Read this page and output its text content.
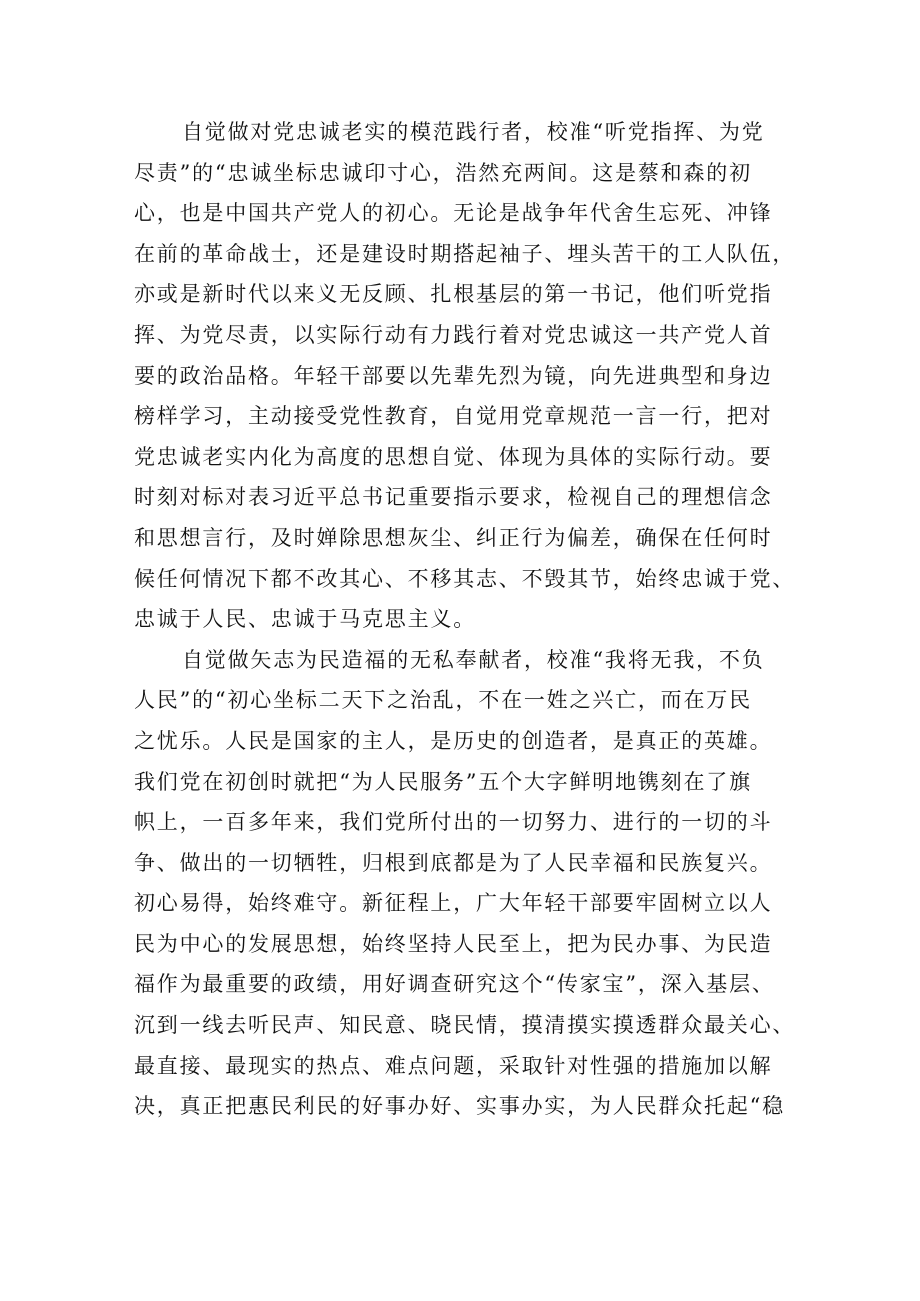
自觉做对党忠诚老实的模范践行者，校准“听党指挥、为党
尽责”的“忠诚坐标忠诚印寸心，浩然充两间。这是蔡和森的初
心，也是中国共产党人的初心。无论是战争年代舍生忘死、冲锋
在前的革命战士，还是建设时期搭起袖子、埋头苦干的工人队伍，
亦或是新时代以来义无反顾、扎根基层的第一书记，他们听党指
挥、为党尽责，以实际行动有力践行着对党忠诚这一共产党人首
要的政治品格。年轻干部要以先辈先烈为镜，向先进典型和身边
榜样学习，主动接受党性教育，自觉用党章规范一言一行，把对
党忠诚老实内化为高度的思想自觉、体现为具体的实际行动。要
时刻对标对表习近平总书记重要指示要求，检视自己的理想信念
和思想言行，及时婵除思想灰尘、纠正行为偏差，确保在任何时
候任何情况下都不改其心、不移其志、不毁其节，始终忠诚于党、
忠诚于人民、忠诚于马克思主义。
自觉做矢志为民造福的无私奉献者，校准“我将无我，不负
人民”的“初心坐标二天下之治乱，不在一姓之兴亡，而在万民
之忧乐。人民是国家的主人，是历史的创造者，是真正的英雄。
我们党在初创时就把“为人民服务”五个大字鲜明地镌刻在了旗
帜上，一百多年来，我们党所付出的一切努力、进行的一切的斗
争、做出的一切牺牲，归根到底都是为了人民幸福和民族复兴。
初心易得，始终难守。新征程上，广大年轻干部要牢固树立以人
民为中心的发展思想，始终坚持人民至上，把为民办事、为民造
福作为最重要的政绩，用好调查研究这个“传家宝”，深入基层、
沉到一线去听民声、知民意、晓民情，摸清摸实摸透群众最关心、
最直接、最现实的热点、难点问题，采取针对性强的措施加以解
决，真正把惠民利民的好事办好、实事办实，为人民群众托起“稳
